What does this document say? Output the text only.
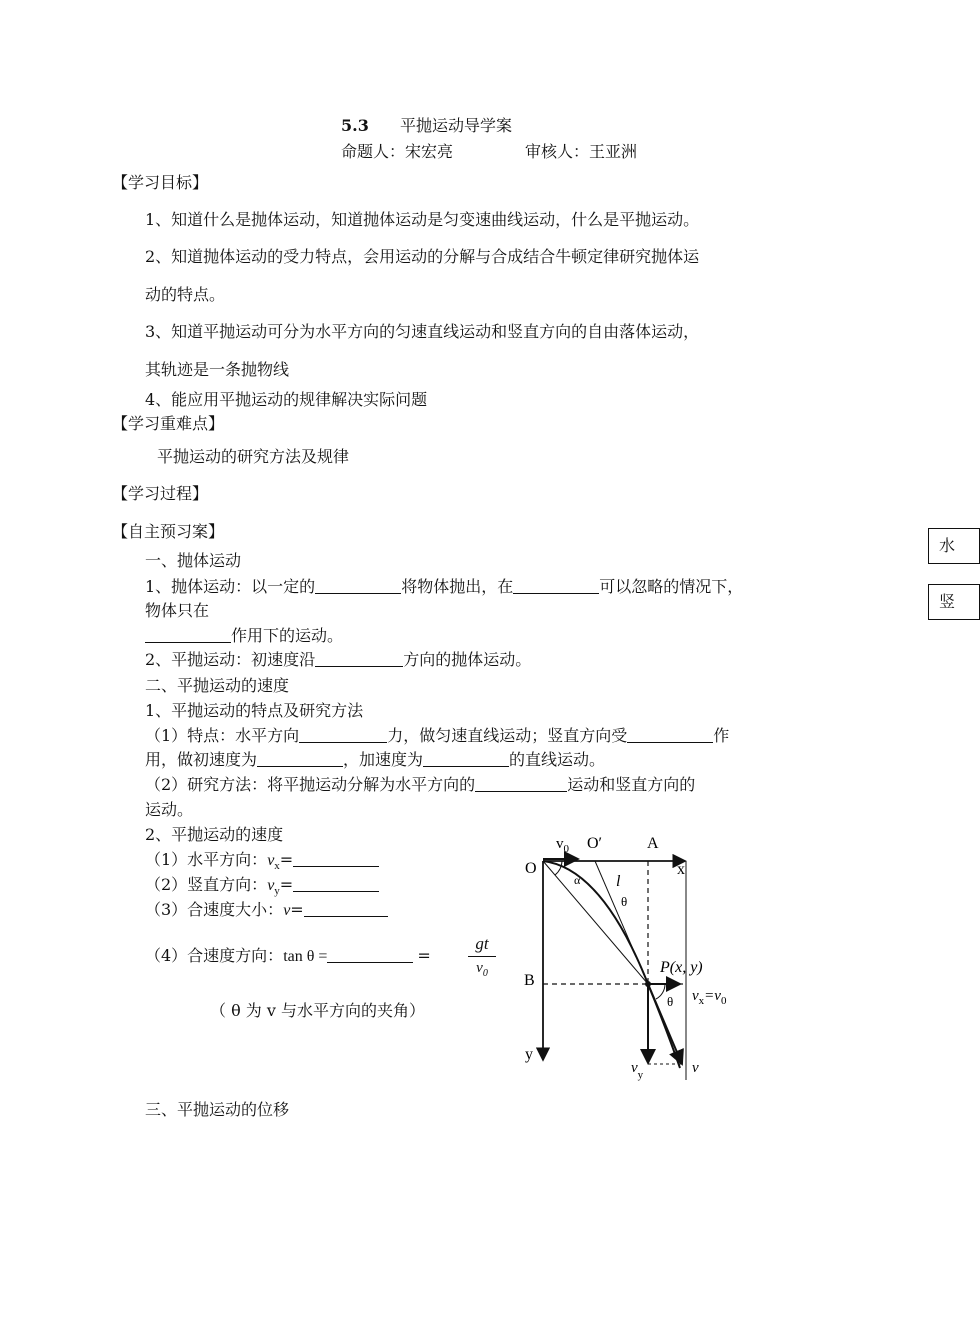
5.3 平抛运动导学案
命题人：宋宏亮	审核人：王亚洲
【学习目标】
1、知道什么是抛体运动，知道抛体运动是匀变速曲线运动，什么是平抛运动。
2、知道抛体运动的受力特点，会用运动的分解与合成结合牛顿定律研究抛体运
动的特点。
3、知道平抛运动可分为水平方向的匀速直线运动和竖直方向的自由落体运动，
其轨迹是一条抛物线
4、能应用平抛运动的规律解决实际问题
【学习重难点】
平抛运动的研究方法及规律
【学习过程】
【自主预习案】
一、抛体运动
1、抛体运动：以一定的	将物体抛出，在	可以忽略的情况下，
物体只在
作用下的运动。
2、平抛运动：初速度沿	方向的抛体运动。
二、平抛运动的速度
1、平抛运动的特点及研究方法
（1）特点：水平方向	力，做匀速直线运动；竖直方向受	作
用，做初速度为	，加速度为	的直线运动。
（2）研究方法：将平抛运动分解为水平方向的	运动和竖直方向的
运动。
2、平抛运动的速度
（1）水平方向：$v_x=$
（2）竖直方向：$v_y=$
（3）合速度大小：v=
（4）合速度方向：tan θ =	=
gt
$v_0$
（ θ 为 v 与水平方向的夹角）
三、平抛运动的位移
水
竖
O
$v_0$ O′	A
x
α l
θ
P(x, y)
B
$v_x=v_0$
θ
y
$v_y$	v
